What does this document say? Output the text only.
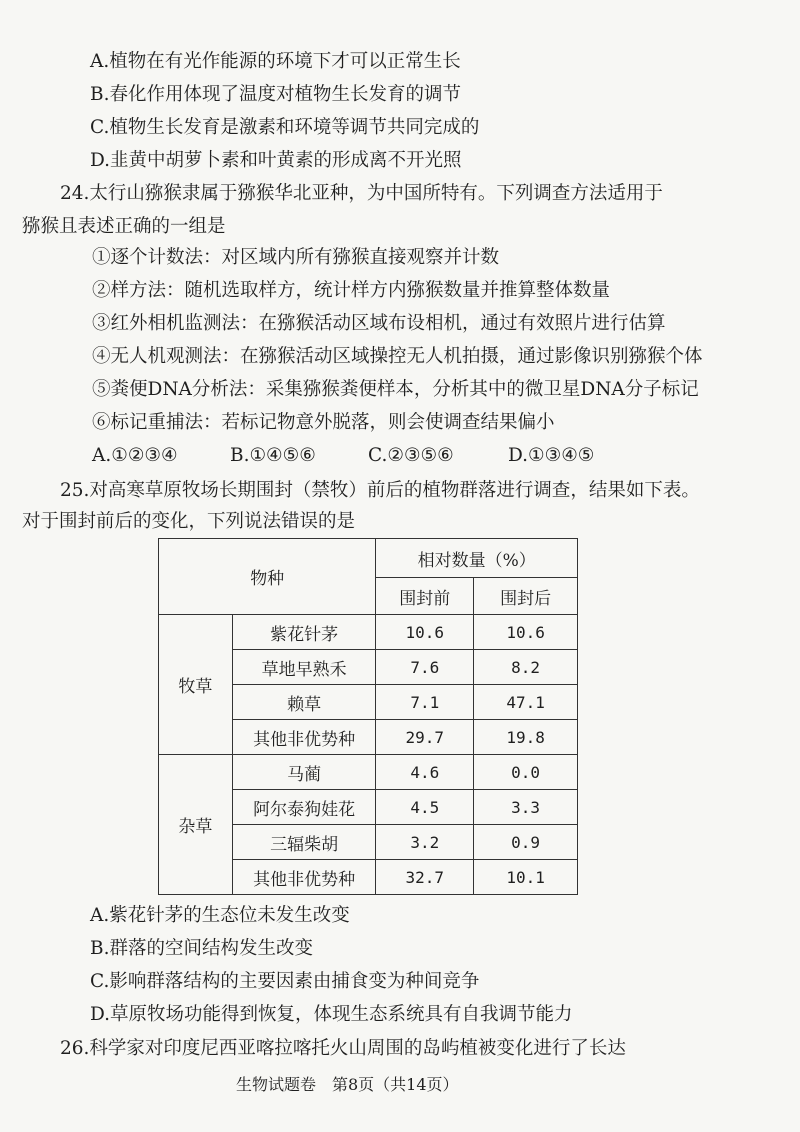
A.植物在有光作能源的环境下才可以正常生长
B.春化作用体现了温度对植物生长发育的调节
C.植物生长发育是激素和环境等调节共同完成的
D.韭黄中胡萝卜素和叶黄素的形成离不开光照
24.太行山猕猴隶属于猕猴华北亚种，为中国所特有。下列调查方法适用于
猕猴且表述正确的一组是
①逐个计数法：对区域内所有猕猴直接观察并计数
②样方法：随机选取样方，统计样方内猕猴数量并推算整体数量
③红外相机监测法：在猕猴活动区域布设相机，通过有效照片进行估算
④无人机观测法：在猕猴活动区域操控无人机拍摄，通过影像识别猕猴个体
⑤粪便DNA分析法：采集猕猴粪便样本，分析其中的微卫星DNA分子标记
⑥标记重捕法：若标记物意外脱落，则会使调查结果偏小
A.①②③④	B.①④⑤⑥	C.②③⑤⑥	D.①③④⑤
25.对高寒草原牧场长期围封（禁牧）前后的植物群落进行调查，结果如下表。
对于围封前后的变化，下列说法错误的是
物种		相对数量（%）	
		围封前	围封后
牧草	紫花针茅	10.6	10.6
	草地早熟禾	7.6	8.2
	赖草	7.1	47.1
	其他非优势种	29.7	19.8
杂草	马蔺	4.6	0.0
	阿尔泰狗娃花	4.5	3.3
	三辐柴胡	3.2	0.9
	其他非优势种	32.7	10.1
A.紫花针茅的生态位未发生改变
B.群落的空间结构发生改变
C.影响群落结构的主要因素由捕食变为种间竞争
D.草原牧场功能得到恢复，体现生态系统具有自我调节能力
26.科学家对印度尼西亚喀拉喀托火山周围的岛屿植被变化进行了长达
生物试题卷　第8页（共14页）
